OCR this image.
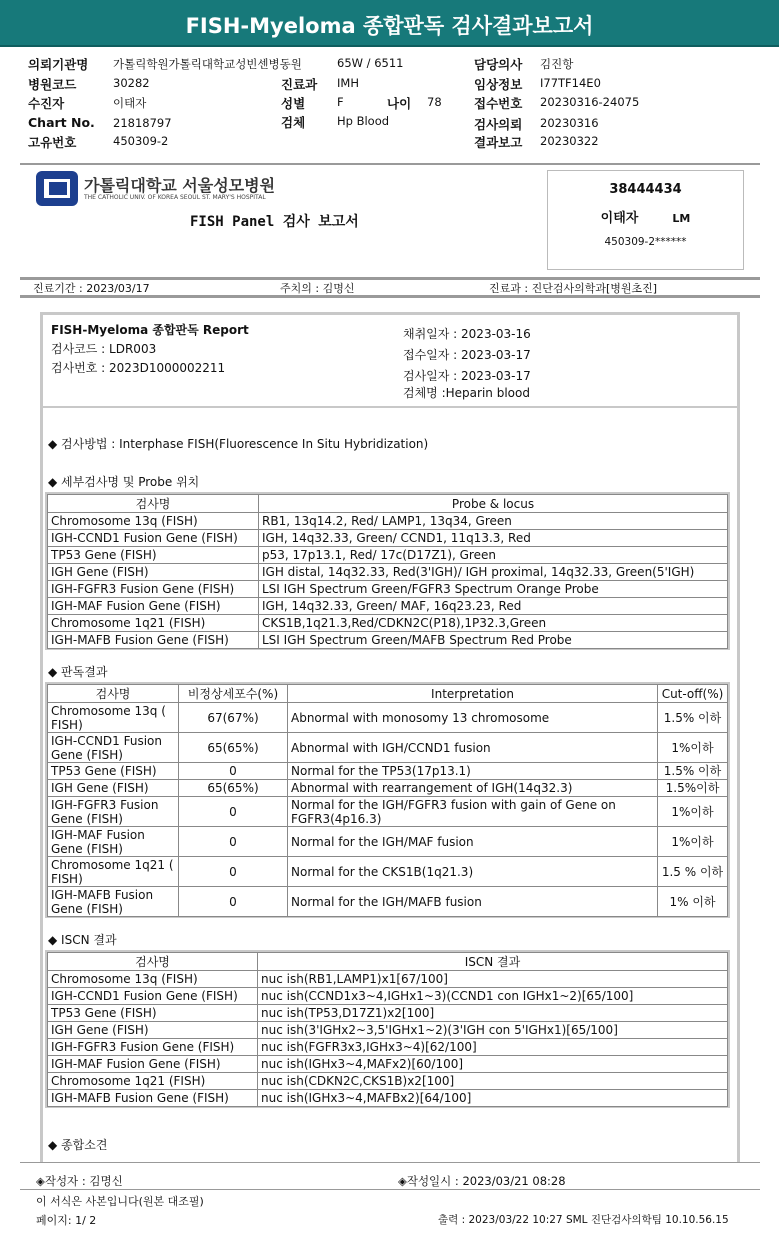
FISH-Myeloma 종합판독 검사결과보고서
의뢰기관명 가톨릭학원가톨릭대학교성빈센병동원	65W / 6511	담당의사 김진항
병원코드	30282	진료과 IMH	임상정보 I77TF14E0
수진자	이태자	성별	F	나이 78	접수번호 20230316-24075
Chart No. 21818797	검체	Hp Blood	검사의뢰 20230316
고유번호	450309-2	결과보고 20230322
가톨릭대학교 서울성모병원
THE CATHOLIC UNIV. OF KOREA SEOUL ST. MARY'S HOSPITAL
FISH Panel 검사 보고서
38444434
이태자	LM
450309-2******
진료기간 : 2023/03/17	주치의 : 김명신	진료과 : 진단검사의학과[병원초진]
FISH-Myeloma 종합판독 Report
검사코드 : LDR003
검사번호 : 2023D1000002211
채취일자 : 2023-03-16
접수일자 : 2023-03-17
검사일자 : 2023-03-17
검체명 :Heparin blood
◆ 검사방법 : Interphase FISH(Fluorescence In Situ Hybridization)
◆ 세부검사명 및 Probe 위치
검사명	Probe & locus
Chromosome 13q (FISH)	RB1, 13q14.2, Red/ LAMP1, 13q34, Green
IGH-CCND1 Fusion Gene (FISH)	IGH, 14q32.33, Green/ CCND1, 11q13.3, Red
TP53 Gene (FISH)	p53, 17p13.1, Red/ 17c(D17Z1), Green
IGH Gene (FISH)	IGH distal, 14q32.33, Red(3'IGH)/ IGH proximal, 14q32.33, Green(5'IGH)
IGH-FGFR3 Fusion Gene (FISH)	LSI IGH Spectrum Green/FGFR3 Spectrum Orange Probe
IGH-MAF Fusion Gene (FISH)	IGH, 14q32.33, Green/ MAF, 16q23.23, Red
Chromosome 1q21 (FISH)	CKS1B,1q21.3,Red/CDKN2C(P18),1P32.3,Green
IGH-MAFB Fusion Gene (FISH)	LSI IGH Spectrum Green/MAFB Spectrum Red Probe
◆ 판독결과
검사명	비정상세포수(%)	Interpretation	Cut-off(%)
Chromosome 13q ( FISH)	67(67%)	Abnormal with monosomy 13 chromosome	1.5% 이하
IGH-CCND1 Fusion Gene (FISH)	65(65%)	Abnormal with IGH/CCND1 fusion	1%이하
TP53 Gene (FISH)	0	Normal for the TP53(17p13.1)	1.5% 이하
IGH Gene (FISH)	65(65%)	Abnormal with rearrangement of IGH(14q32.3)	1.5%이하
IGH-FGFR3 Fusion Gene (FISH)	0	Normal for the IGH/FGFR3 fusion with gain of Gene on FGFR3(4p16.3)	1%이하
IGH-MAF Fusion Gene (FISH)	0	Normal for the IGH/MAF fusion	1%이하
Chromosome 1q21 ( FISH)	0	Normal for the CKS1B(1q21.3)	1.5 % 이하
IGH-MAFB Fusion Gene (FISH)	0	Normal for the IGH/MAFB fusion	1% 이하
◆ ISCN 결과
검사명	ISCN 결과
Chromosome 13q (FISH)	nuc ish(RB1,LAMP1)x1[67/100]
IGH-CCND1 Fusion Gene (FISH)	nuc ish(CCND1x3~4,IGHx1~3)(CCND1 con IGHx1~2)[65/100]
TP53 Gene (FISH)	nuc ish(TP53,D17Z1)x2[100]
IGH Gene (FISH)	nuc ish(3'IGHx2~3,5'IGHx1~2)(3'IGH con 5'IGHx1)[65/100]
IGH-FGFR3 Fusion Gene (FISH)	nuc ish(FGFR3x3,IGHx3~4)[62/100]
IGH-MAF Fusion Gene (FISH)	nuc ish(IGHx3~4,MAFx2)[60/100]
Chromosome 1q21 (FISH)	nuc ish(CDKN2C,CKS1B)x2[100]
IGH-MAFB Fusion Gene (FISH)	nuc ish(IGHx3~4,MAFBx2)[64/100]
◆ 종합소견
◈작성자 : 김명신	◈작성일시 : 2023/03/21 08:28
이 서식은 사본입니다(원본 대조필)
페이지: 1/ 2	출력 : 2023/03/22 10:27 SML 진단검사의학팀 10.10.56.15
